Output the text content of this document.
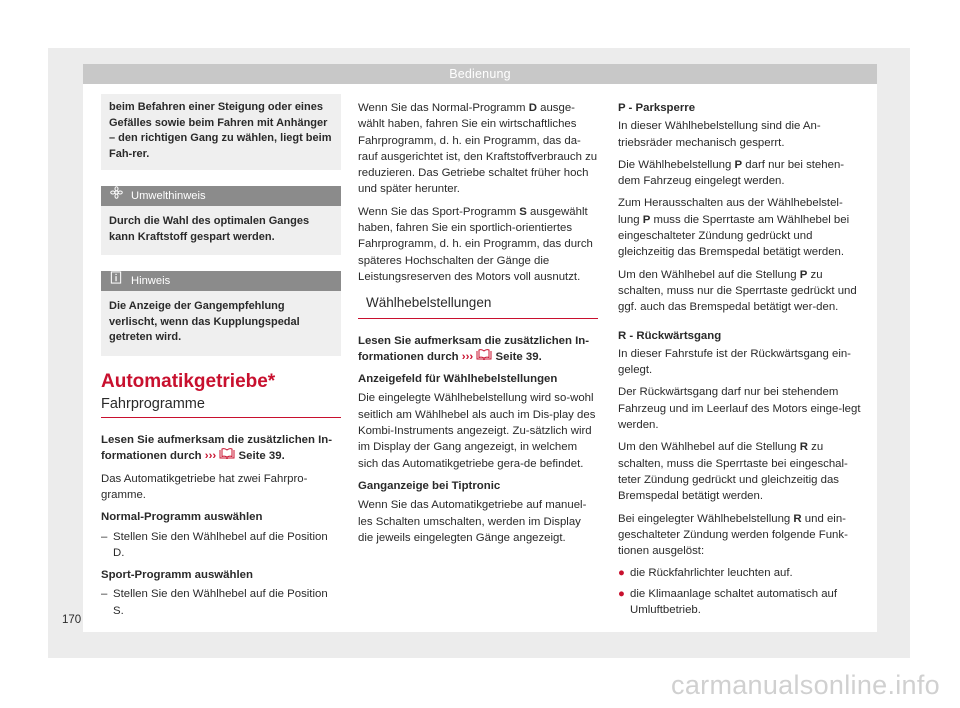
Bedienung
beim Befahren einer Steigung oder eines Gefälles sowie beim Fahren mit Anhänger – den richtigen Gang zu wählen, liegt beim Fah-rer.
Umwelthinweis
Durch die Wahl des optimalen Ganges kann Kraftstoff gespart werden.
Hinweis
Die Anzeige der Gangempfehlung verlischt, wenn das Kupplungspedal getreten wird.
Automatikgetriebe*
Fahrprogramme

Lesen Sie aufmerksam die zusätzlichen In-formationen durch ››› Seite 39.

Das Automatikgetriebe hat zwei Fahrpro-gramme.

Normal-Programm auswählen

– Stellen Sie den Wählhebel auf die Position D.

Sport-Programm auswählen

– Stellen Sie den Wählhebel auf die Position S.

Wenn Sie das Normal-Programm D ausge-wählt haben, fahren Sie ein wirtschaftliches Fahrprogramm, d. h. ein Programm, das da-rauf ausgerichtet ist, den Kraftstoffverbrauch zu reduzieren. Das Getriebe schaltet früher hoch und später herunter.

Wenn Sie das Sport-Programm S ausgewählt haben, fahren Sie ein sportlich-orientiertes Fahrprogramm, d. h. ein Programm, das durch späteres Hochschalten der Gänge die Leistungsreserven des Motors voll ausnutzt.

Wählhebelstellungen

Lesen Sie aufmerksam die zusätzlichen In-formationen durch ››› Seite 39.

Anzeigefeld für Wählhebelstellungen

Die eingelegte Wählhebelstellung wird so-wohl seitlich am Wählhebel als auch im Dis-play des Kombi-Instruments angezeigt. Zu-sätzlich wird im Display der Gang angezeigt, in welchem sich das Automatikgetriebe gera-de befindet.

Ganganzeige bei Tiptronic

Wenn Sie das Automatikgetriebe auf manuel-les Schalten umschalten, werden im Display die jeweils eingelegten Gänge angezeigt.

P - Parksperre

In dieser Wählhebelstellung sind die An-triebsräder mechanisch gesperrt.

Die Wählhebelstellung P darf nur bei stehen-dem Fahrzeug eingelegt werden.

Zum Herausschalten aus der Wählhebelstel-lung P muss die Sperrtaste am Wählhebel bei eingeschalteter Zündung gedrückt und gleichzeitig das Bremspedal betätigt werden.

Um den Wählhebel auf die Stellung P zu schalten, muss nur die Sperrtaste gedrückt und ggf. auch das Bremspedal betätigt wer-den.

R - Rückwärtsgang

In dieser Fahrstufe ist der Rückwärtsgang ein-gelegt.

Der Rückwärtsgang darf nur bei stehendem Fahrzeug und im Leerlauf des Motors einge-legt werden.

Um den Wählhebel auf die Stellung R zu schalten, muss die Sperrtaste bei eingeschal-teter Zündung gedrückt und gleichzeitig das Bremspedal betätigt werden.

Bei eingelegter Wählhebelstellung R und ein-geschalteter Zündung werden folgende Funk-tionen ausgelöst:

● die Rückfahrlichter leuchten auf.
● die Klimaanlage schaltet automatisch auf Umluftbetrieb.
170
carmanualsonline.info
